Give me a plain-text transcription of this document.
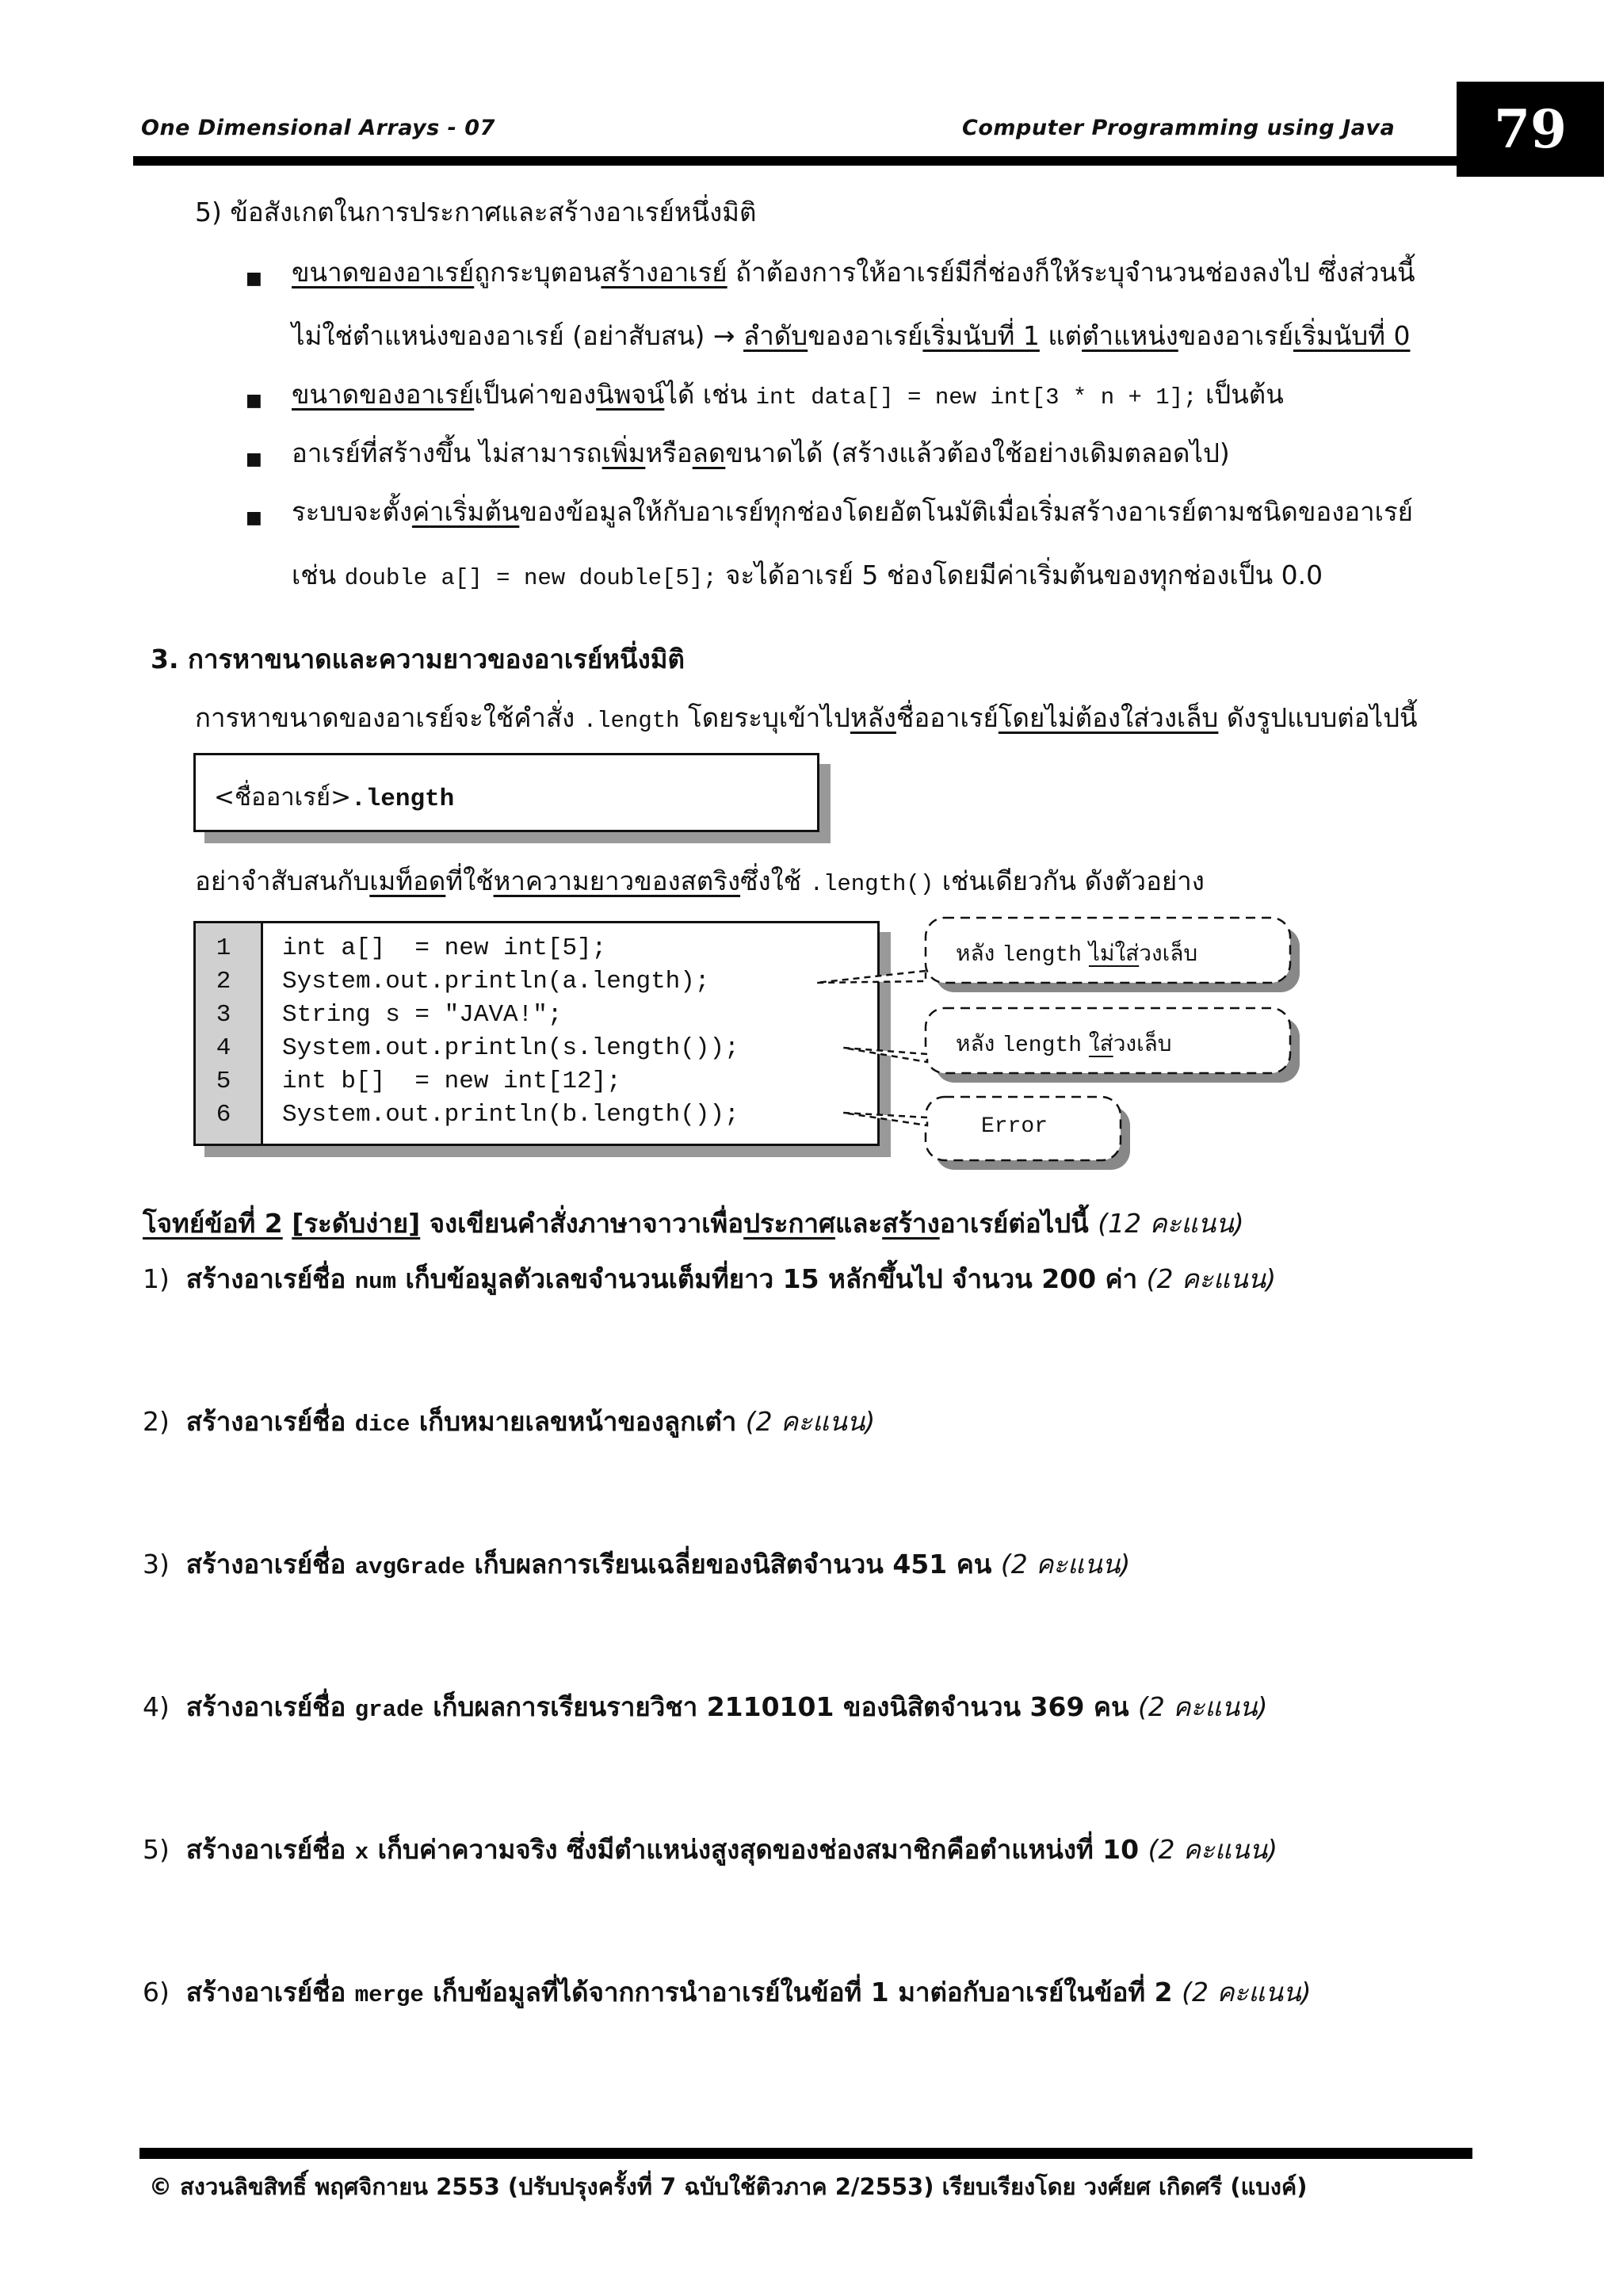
One Dimensional Arrays - 07	Computer Programming using Java	79
5) ข้อสังเกตในการประกาศและสร้างอาเรย์หนึ่งมิติ
■ ขนาดของอาเรย์ถูกระบุตอนสร้างอาเรย์ ถ้าต้องการให้อาเรย์มีกี่ช่องก็ให้ระบุจำนวนช่องลงไป ซึ่งส่วนนี้
ไม่ใช่ตำแหน่งของอาเรย์ (อย่าสับสน) → ลำดับของอาเรย์เริ่มนับที่ 1 แต่ตำแหน่งของอาเรย์เริ่มนับที่ 0
■ ขนาดของอาเรย์เป็นค่าของนิพจน์ได้ เช่น int data[] = new int[3 * n + 1]; เป็นต้น
■ อาเรย์ที่สร้างขึ้น ไม่สามารถเพิ่มหรือลดขนาดได้ (สร้างแล้วต้องใช้อย่างเดิมตลอดไป)
■ ระบบจะตั้งค่าเริ่มต้นของข้อมูลให้กับอาเรย์ทุกช่องโดยอัตโนมัติเมื่อเริ่มสร้างอาเรย์ตามชนิดของอาเรย์
เช่น double a[] = new double[5]; จะได้อาเรย์ 5 ช่องโดยมีค่าเริ่มต้นของทุกช่องเป็น 0.0
3. การหาขนาดและความยาวของอาเรย์หนึ่งมิติ
การหาขนาดของอาเรย์จะใช้คำสั่ง .length โดยระบุเข้าไปหลังชื่ออาเรย์โดยไม่ต้องใส่วงเล็บ ดังรูปแบบต่อไปนี้
<ชื่ออาเรย์>.length
อย่าจำสับสนกับเมท็อดที่ใช้หาความยาวของสตริงซึ่งใช้ .length() เช่นเดียวกัน ดังตัวอย่าง
1
2
3
4
5
6
int a[]  = new int[5];
System.out.println(a.length);
String s = "JAVA!";
System.out.println(s.length());
int b[]  = new int[12];
System.out.println(b.length());
หลัง length ไม่ใส่วงเล็บ
หลัง length ใส่วงเล็บ
Error
โจทย์ข้อที่ 2 [ระดับง่าย] จงเขียนคำสั่งภาษาจาวาเพื่อประกาศและสร้างอาเรย์ต่อไปนี้ (12 คะแนน)
1) สร้างอาเรย์ชื่อ num เก็บข้อมูลตัวเลขจำนวนเต็มที่ยาว 15 หลักขึ้นไป จำนวน 200 ค่า (2 คะแนน)
2) สร้างอาเรย์ชื่อ dice เก็บหมายเลขหน้าของลูกเต๋า (2 คะแนน)
3) สร้างอาเรย์ชื่อ avgGrade เก็บผลการเรียนเฉลี่ยของนิสิตจำนวน 451 คน (2 คะแนน)
4) สร้างอาเรย์ชื่อ grade เก็บผลการเรียนรายวิชา 2110101 ของนิสิตจำนวน 369 คน (2 คะแนน)
5) สร้างอาเรย์ชื่อ x เก็บค่าความจริง ซึ่งมีตำแหน่งสูงสุดของช่องสมาชิกคือตำแหน่งที่ 10 (2 คะแนน)
6) สร้างอาเรย์ชื่อ merge เก็บข้อมูลที่ได้จากการนำอาเรย์ในข้อที่ 1 มาต่อกับอาเรย์ในข้อที่ 2 (2 คะแนน)
© สงวนลิขสิทธิ์ พฤศจิกายน 2553 (ปรับปรุงครั้งที่ 7 ฉบับใช้ติวภาค 2/2553) เรียบเรียงโดย วงศ์ยศ เกิดศรี (แบงค์)
